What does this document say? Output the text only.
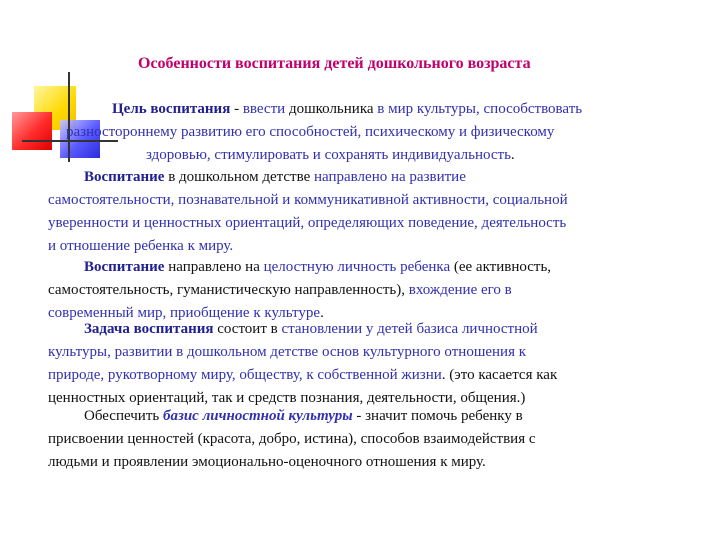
Особенности воспитания детей дошкольного возраста
Цель воспитания - ввести дошкольника в мир культуры, способствовать
разностороннему развитию его способностей, психическому и физическому
здоровью, стимулировать и сохранять индивидуальность.
Воспитание в дошкольном детстве направлено на развитие
самостоятельности, познавательной и коммуникативной активности, социальной
уверенности и ценностных ориентаций, определяющих поведение, деятельность
и отношение ребенка к миру.
Воспитание направлено на целостную личность ребенка (ее активность,
самостоятельность, гуманистическую направленность), вхождение его в
современный мир, приобщение к культуре.
Задача воспитания состоит в становлении у детей базиса личностной
культуры, развитии в дошкольном детстве основ культурного отношения к
природе, рукотворному миру, обществу, к собственной жизни. (это касается как
ценностных ориентаций, так и средств познания, деятельности, общения.)
Обеспечить базис личностной культуры - значит помочь ребенку в
присвоении ценностей (красота, добро, истина), способов взаимодействия с
людьми и проявлении эмоционально-оценочного отношения к миру.
